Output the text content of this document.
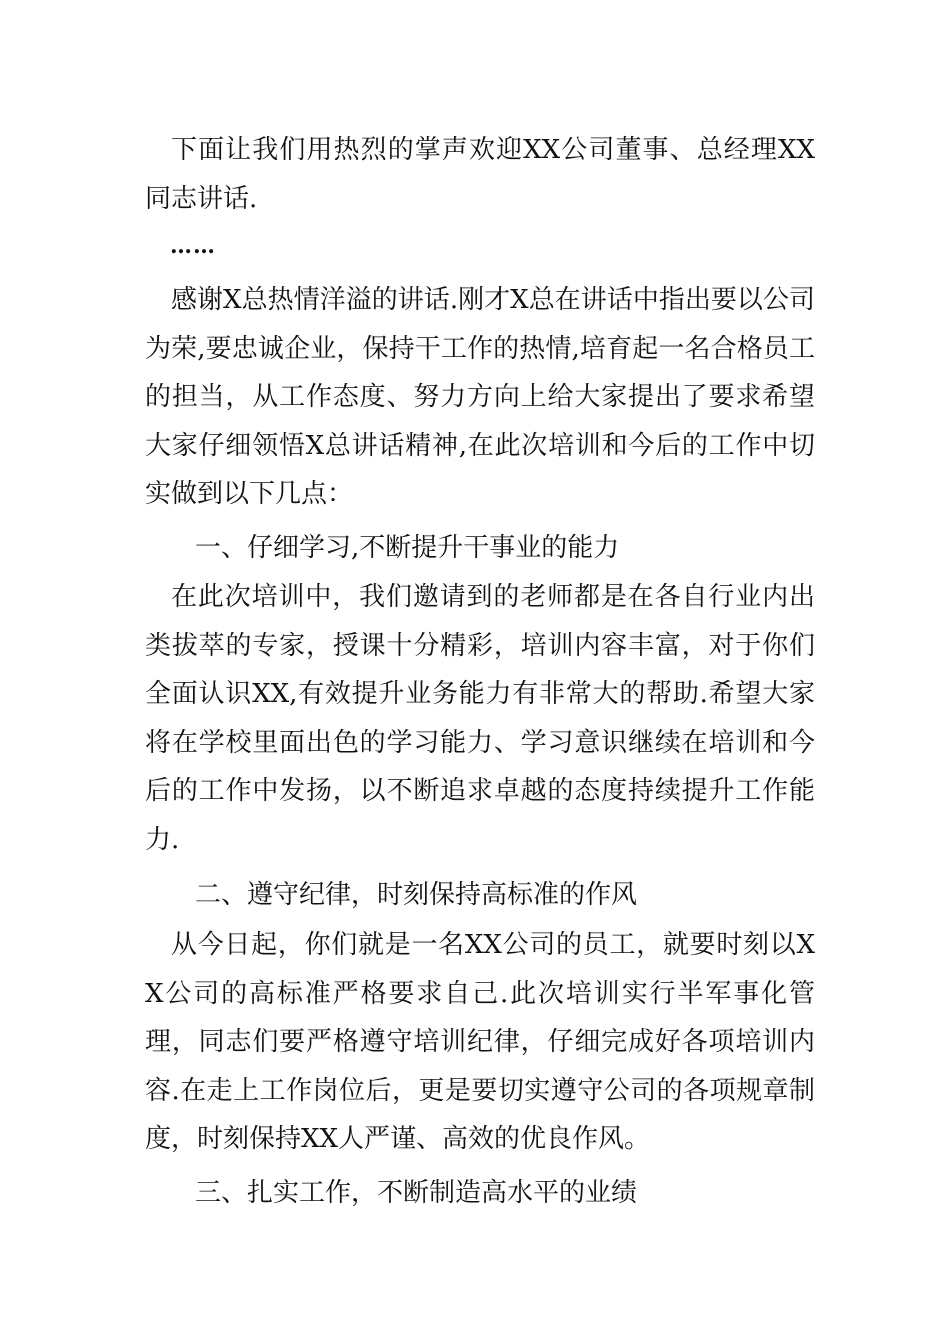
下面让我们用热烈的掌声欢迎XX公司董事、总经理XX同志讲话.

……

感谢X总热情洋溢的讲话.刚才X总在讲话中指出要以公司为荣,要忠诚企业，保持干工作的热情,培育起一名合格员工的担当，从工作态度、努力方向上给大家提出了要求希望大家仔细领悟X总讲话精神,在此次培训和今后的工作中切实做到以下几点：

一、仔细学习,不断提升干事业的能力

在此次培训中，我们邀请到的老师都是在各自行业内出类拔萃的专家，授课十分精彩，培训内容丰富，对于你们全面认识XX,有效提升业务能力有非常大的帮助.希望大家将在学校里面出色的学习能力、学习意识继续在培训和今后的工作中发扬，以不断追求卓越的态度持续提升工作能力.

二、遵守纪律，时刻保持高标准的作风

从今日起，你们就是一名XX公司的员工，就要时刻以XX公司的高标准严格要求自己.此次培训实行半军事化管理，同志们要严格遵守培训纪律，仔细完成好各项培训内容.在走上工作岗位后，更是要切实遵守公司的各项规章制度，时刻保持XX人严谨、高效的优良作风。

三、扎实工作，不断制造高水平的业绩
